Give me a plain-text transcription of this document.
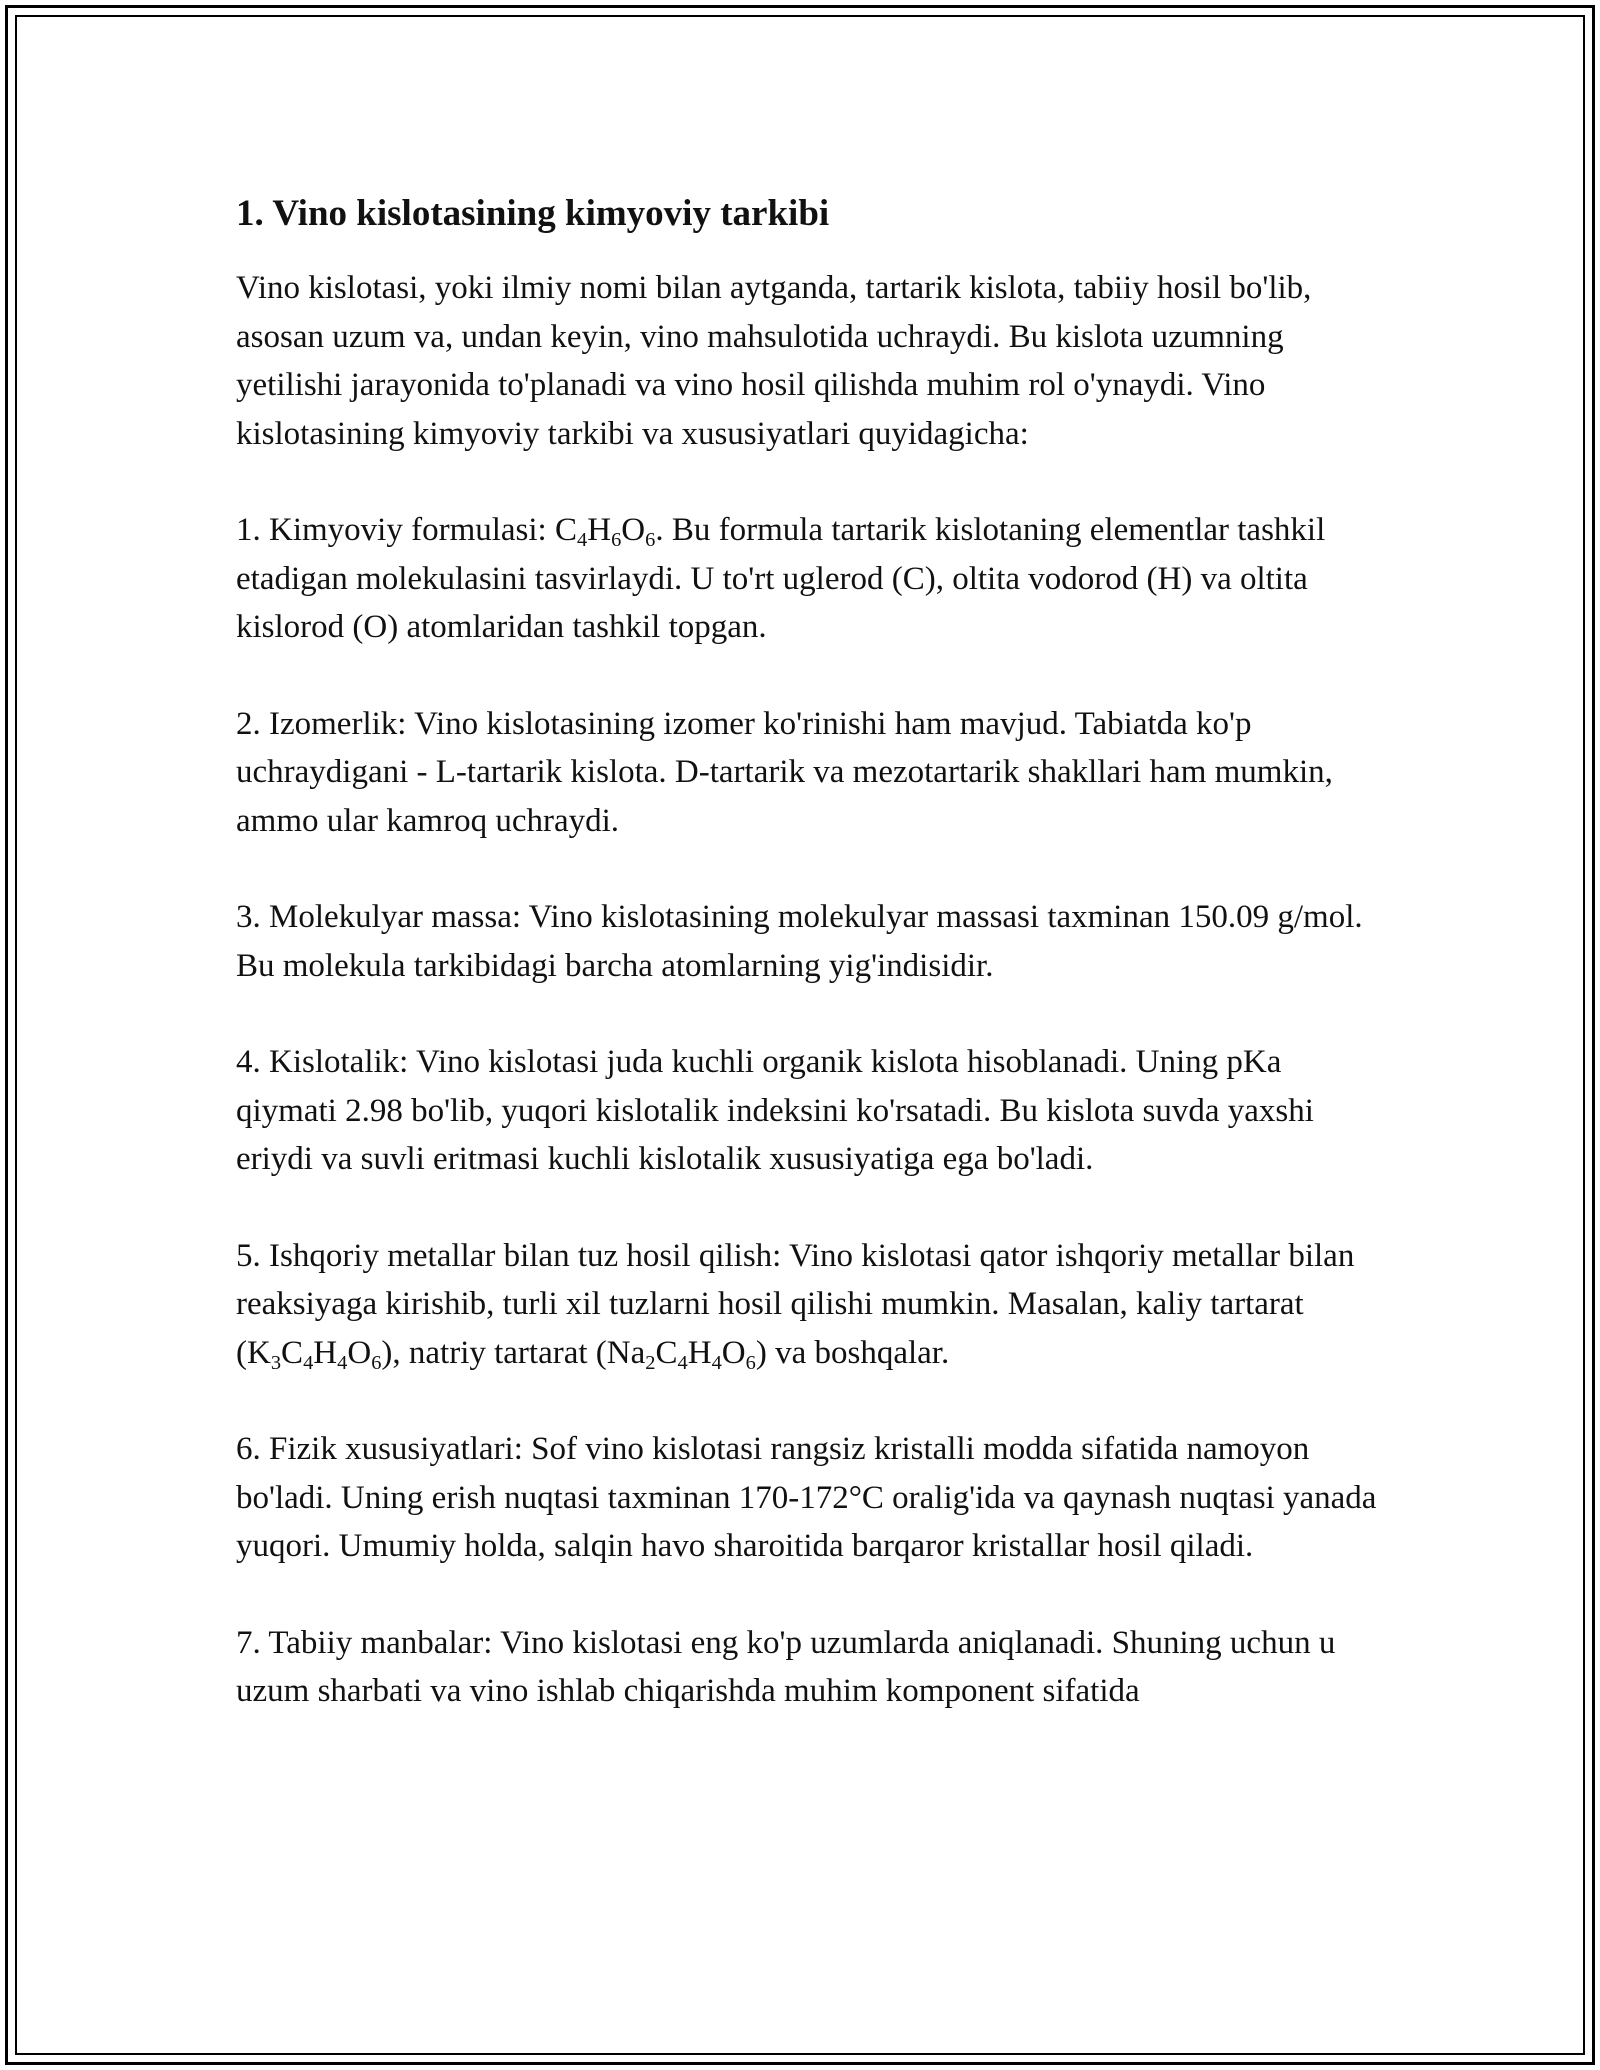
1. Vino kislotasining kimyoviy tarkibi

Vino kislotasi, yoki ilmiy nomi bilan aytganda, tartarik kislota, tabiiy hosil bo'lib, asosan uzum va, undan keyin, vino mahsulotida uchraydi. Bu kislota uzumning yetilishi jarayonida to'planadi va vino hosil qilishda muhim rol o'ynaydi. Vino kislotasining kimyoviy tarkibi va xususiyatlari quyidagicha:

1. Kimyoviy formulasi: $C_4H_6O_6$. Bu formula tartarik kislotaning elementlar tashkil etadigan molekulasini tasvirlaydi. U to'rt uglerod (C), oltita vodorod (H) va oltita kislorod (O) atomlaridan tashkil topgan.

2. Izomerlik: Vino kislotasining izomer ko'rinishi ham mavjud. Tabiatda ko'p uchraydigani - L-tartarik kislota. D-tartarik va mezotartarik shakllari ham mumkin, ammo ular kamroq uchraydi.

3. Molekulyar massa: Vino kislotasining molekulyar massasi taxminan 150.09 g/mol. Bu molekula tarkibidagi barcha atomlarning yig'indisidir.

4. Kislotalik: Vino kislotasi juda kuchli organik kislota hisoblanadi. Uning pKa qiymati 2.98 bo'lib, yuqori kislotalik indeksini ko'rsatadi. Bu kislota suvda yaxshi eriydi va suvli eritmasi kuchli kislotalik xususiyatiga ega bo'ladi.

5. Ishqoriy metallar bilan tuz hosil qilish: Vino kislotasi qator ishqoriy metallar bilan reaksiyaga kirishib, turli xil tuzlarni hosil qilishi mumkin. Masalan, kaliy tartarat $(K_3C_4H_4O_6)$, natriy tartarat $(Na_2C_4H_4O_6)$ va boshqalar.

6. Fizik xususiyatlari: Sof vino kislotasi rangsiz kristalli modda sifatida namoyon bo'ladi. Uning erish nuqtasi taxminan 170-172°C oralig'ida va qaynash nuqtasi yanada yuqori. Umumiy holda, salqin havo sharoitida barqaror kristallar hosil qiladi.

7. Tabiiy manbalar: Vino kislotasi eng ko'p uzumlarda aniqlanadi. Shuning uchun u uzum sharbati va vino ishlab chiqarishda muhim komponent sifatida
